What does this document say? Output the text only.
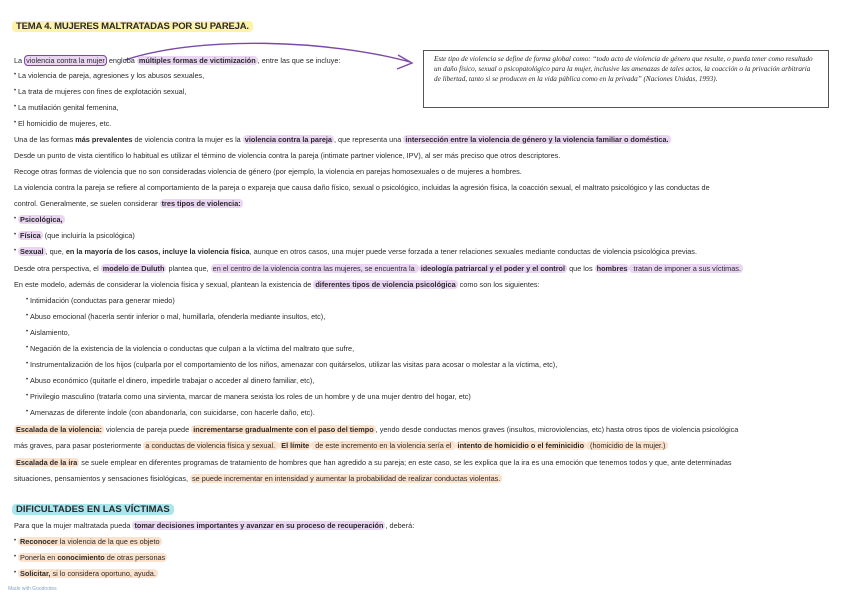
TEMA 4. MUJERES MALTRATADAS POR SU PAREJA.
Este tipo de violencia se define de forma global como: “todo acto de violencia de género que resulte, o pueda tener como resultado un daño físico, sexual o psicopatológico para la mujer, inclusive las amenazas de tales actos, la coacción o la privación arbitraria de libertad, tanto si se producen en la vida pública como en la privada” (Naciones Unidas, 1993).
La violencia contra la mujer engloba múltiples formas de victimización , entre las que se incluye:
• La violencia de pareja, agresiones y los abusos sexuales,
• La trata de mujeres con fines de explotación sexual,
• La mutilación genital femenina,
• El homicidio de mujeres, etc.
Una de las formas más prevalentes de violencia contra la mujer es la violencia contra la pareja , que representa una intersección entre la violencia de género y la violencia familiar o doméstica.
Desde un punto de vista científico lo habitual es utilizar el término de violencia contra la pareja (intimate partner violence, IPV), al ser más preciso que otros descriptores.
Recoge otras formas de violencia que no son consideradas violencia de género (por ejemplo, la violencia en parejas homosexuales o de mujeres a hombres.
La violencia contra la pareja se refiere al comportamiento de la pareja o expareja que causa daño físico, sexual o psicológico, incluidas la agresión física, la coacción sexual, el maltrato psicológico y las conductas de
control. Generalmente, se suelen considerar tres tipos de violencia:
• Psicológica,
• Física (que incluiría la psicológica)
• Sexual , que, en la mayoría de los casos, incluye la violencia física, aunque en otros casos, una mujer puede verse forzada a tener relaciones sexuales mediante conductas de violencia psicológica previas.
Desde otra perspectiva, el modelo de Duluth plantea que, en el centro de la violencia contra las mujeres, se encuentra la ideología patriarcal y el poder y el control que los hombres tratan de imponer a sus víctimas.
En este modelo, además de considerar la violencia física y sexual, plantean la existencia de diferentes tipos de violencia psicológica como son los siguientes:
• Intimidación (conductas para generar miedo)
• Abuso emocional (hacerla sentir inferior o mal, humillarla, ofenderla mediante insultos, etc),
• Aislamiento,
• Negación de la existencia de la violencia o conductas que culpan a la víctima del maltrato que sufre,
• Instrumentalización de los hijos (culparla por el comportamiento de los niños, amenazar con quitárselos, utilizar las visitas para acosar o molestar a la víctima, etc),
• Abuso económico (quitarle el dinero, impedirle trabajar o acceder al dinero familiar, etc),
• Privilegio masculino (tratarla como una sirvienta, marcar de manera sexista los roles de un hombre y de una mujer dentro del hogar, etc)
• Amenazas de diferente índole (con abandonarla, con suicidarse, con hacerle daño, etc).
Escalada de la violencia: violencia de pareja puede incrementarse gradualmente con el paso del tiempo , yendo desde conductas menos graves (insultos, microviolencias, etc) hasta otros tipos de violencia psicológica
más graves, para pasar posteriormente a conductas de violencia física y sexual. El límite de este incremento en la violencia sería el intento de homicidio o el feminicidio (homicidio de la mujer.)
Escalada de la ira se suele emplear en diferentes programas de tratamiento de hombres que han agredido a su pareja; en este caso, se les explica que la ira es una emoción que tenemos todos y que, ante determinadas
situaciones, pensamientos y sensaciones fisiológicas, se puede incrementar en intensidad y aumentar la probabilidad de realizar conductas violentas.
DIFICULTADES EN LAS VÍCTIMAS
Para que la mujer maltratada pueda tomar decisiones importantes y avanzar en su proceso de recuperación , deberá:
• Reconocer la violencia de la que es objeto
• Ponerla en conocimiento de otras personas
• Solicitar, si lo considera oportuno, ayuda.
Made with Goodnotes
